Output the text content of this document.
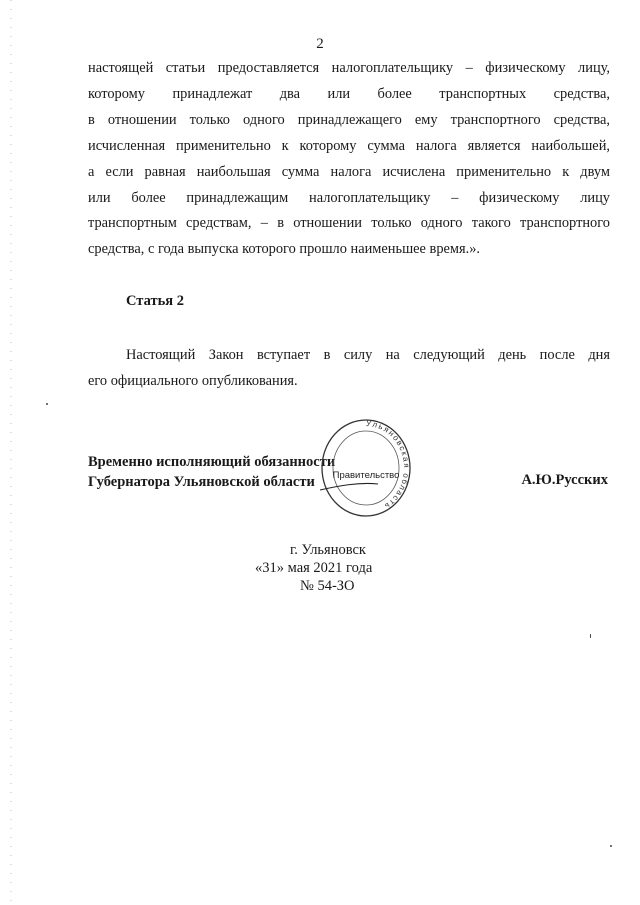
2
настоящей статьи предоставляется налогоплательщику – физическому лицу,
которому принадлежат два или более транспортных средства,
в отношении только одного принадлежащего ему транспортного средства,
исчисленная применительно к которому сумма налога является наибольшей,
а если равная наибольшая сумма налога исчислена применительно к двум
или более принадлежащим налогоплательщику – физическому лицу
транспортным средствам, – в отношении только одного такого транспортного
средства, с года выпуска которого прошло наименьшее время.».
Статья 2
Настоящий Закон вступает в силу на следующий день после дня
его официального опубликования.
Временно исполняющий обязанности
Губернатора Ульяновской области
Ульяновская область
Правительство	А.Ю.Русских
г. Ульяновск
«31» мая 2021 года
№ 54-ЗО
